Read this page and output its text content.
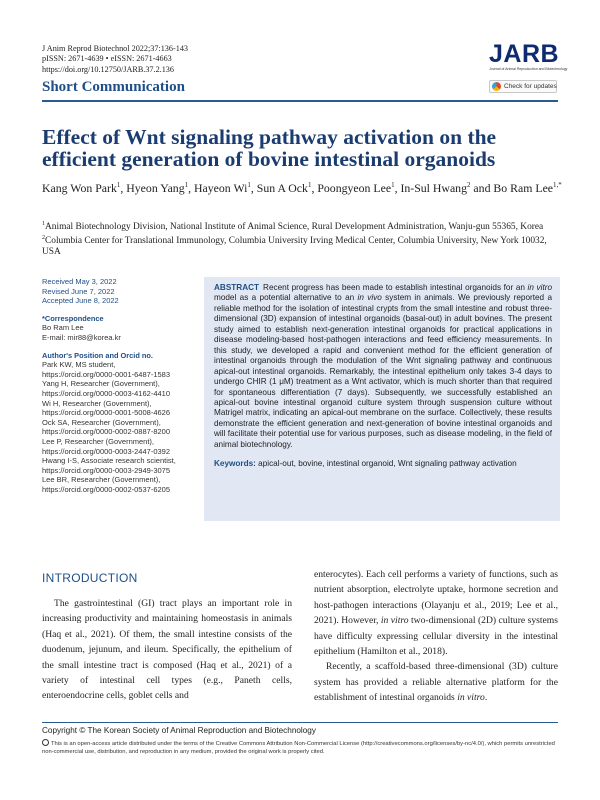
J Anim Reprod Biotechnol 2022;37:136-143
pISSN: 2671-4639 • eISSN: 2671-4663
https://doi.org/10.12750/JARB.37.2.136
Short Communication
JARB
Journal of Animal Reproduction and Biotechnology
Check for updates
Effect of Wnt signaling pathway activation on the efficient generation of bovine intestinal organoids
Kang Won Park$^1$, Hyeon Yang$^1$, Hayeon Wi$^1$, Sun A Ock$^1$, Poongyeon Lee$^1$, In-Sul Hwang$^2$ and Bo Ram Lee$^{1,*}$
$^1$Animal Biotechnology Division, National Institute of Animal Science, Rural Development Administration, Wanju-gun 55365, Korea
$^2$Columbia Center for Translational Immunology, Columbia University Irving Medical Center, Columbia University, New York 10032, USA
Received May 3, 2022
Revised June 7, 2022
Accepted June 8, 2022
*Correspondence
Bo Ram Lee
E-mail: mir88@korea.kr
Author's Position and Orcid no.
Park KW, MS student,
https://orcid.org/0000-0001-6487-1583
Yang H, Researcher (Government),
https://orcid.org/0000-0003-4162-4410
Wi H, Researcher (Government),
https://orcid.org/0000-0001-5008-4626
Ock SA, Researcher (Government),
https://orcid.org/0000-0002-0887-8200
Lee P, Researcher (Government),
https://orcid.org/0000-0003-2447-0392
Hwang I-S, Associate research scientist,
https://orcid.org/0000-0003-2949-3075
Lee BR, Researcher (Government),
https://orcid.org/0000-0002-0537-6205
ABSTRACT Recent progress has been made to establish intestinal organoids for an in vitro model as a potential alternative to an in vivo system in animals. We previously reported a reliable method for the isolation of intestinal crypts from the small intestine and robust three-dimensional (3D) expansion of intestinal organoids (basal-out) in adult bovines. The present study aimed to establish next-generation intestinal organoids for practical applications in disease modeling-based host-pathogen interactions and feed efficiency measurements. In this study, we developed a rapid and convenient method for the efficient generation of intestinal organoids through the modulation of the Wnt signaling pathway and continuous apical-out intestinal organoids. Remarkably, the intestinal epithelium only takes 3-4 days to undergo CHIR (1 μM) treatment as a Wnt activator, which is much shorter than that required for spontaneous differentiation (7 days). Subsequently, we successfully established an apical-out bovine intestinal organoid culture system through suspension culture without Matrigel matrix, indicating an apical-out membrane on the surface. Collectively, these results demonstrate the efficient generation and next-generation of bovine intestinal organoids and will facilitate their potential use for various purposes, such as disease modeling, in the field of animal biotechnology.
Keywords: apical-out, bovine, intestinal organoid, Wnt signaling pathway activation
INTRODUCTION

The gastrointestinal (GI) tract plays an important role in increasing productivity and maintaining homeostasis in animals (Haq et al., 2021). Of them, the small intestine consists of the duodenum, jejunum, and ileum. Specifically, the epithelium of the small intestine tract is composed (Haq et al., 2021) of a variety of intestinal cell types (e.g., Paneth cells, enteroendocrine cells, goblet cells and

enterocytes). Each cell performs a variety of functions, such as nutrient absorption, electrolyte uptake, hormone secretion and host-pathogen interactions (Olayanju et al., 2019; Lee et al., 2021). However, in vitro two-dimensional (2D) culture systems have difficulty expressing cellular diversity in the intestinal epithelium (Hamilton et al., 2018).

Recently, a scaffold-based three-dimensional (3D) culture system has provided a reliable alternative platform for the establishment of intestinal organoids in vitro.

Copyright © The Korean Society of Animal Reproduction and Biotechnology
This is an open-access article distributed under the terms of the Creative Commons Attribution Non-Commercial License (http://creativecommons.org/licenses/by-nc/4.0/), which permits unrestricted non-commercial use, distribution, and reproduction in any medium, provided the original work is properly cited.
